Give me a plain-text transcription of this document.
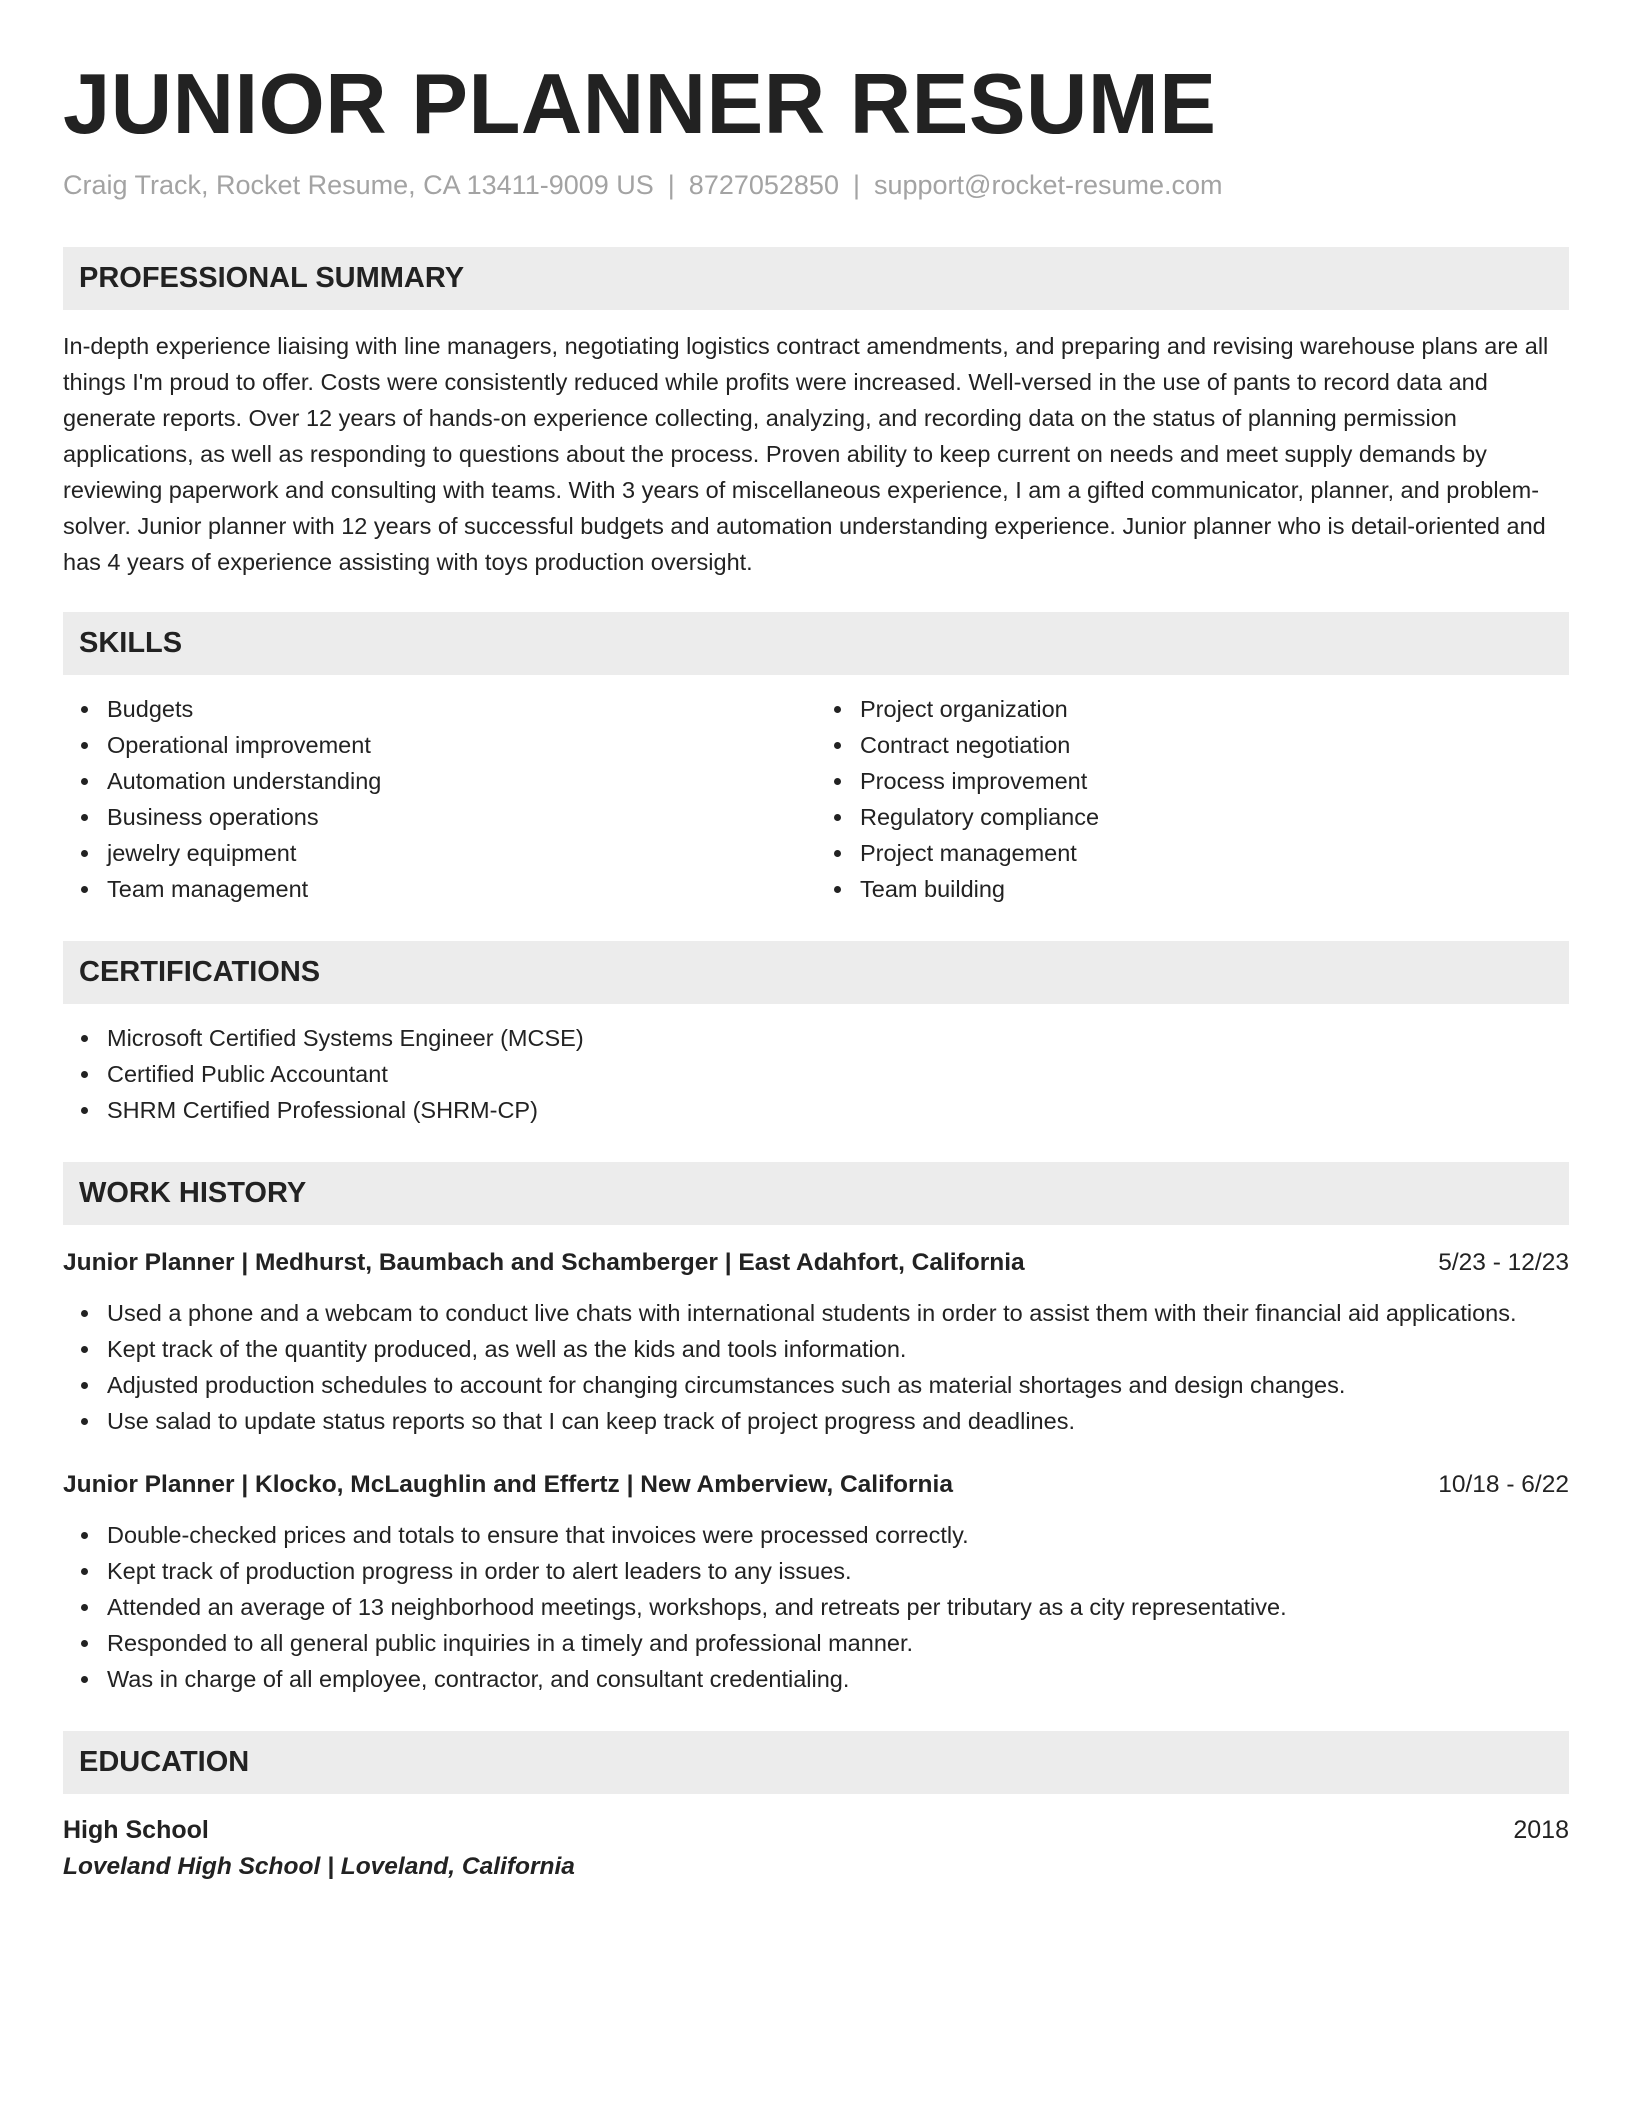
JUNIOR PLANNER RESUME
Craig Track, Rocket Resume, CA 13411-9009 US | 8727052850 | support@rocket-resume.com
PROFESSIONAL SUMMARY

In-depth experience liaising with line managers, negotiating logistics contract amendments, and preparing and revising warehouse plans are all things I'm proud to offer. Costs were consistently reduced while profits were increased. Well-versed in the use of pants to record data and generate reports. Over 12 years of hands-on experience collecting, analyzing, and recording data on the status of planning permission applications, as well as responding to questions about the process. Proven ability to keep current on needs and meet supply demands by reviewing paperwork and consulting with teams. With 3 years of miscellaneous experience, I am a gifted communicator, planner, and problem-solver. Junior planner with 12 years of successful budgets and automation understanding experience. Junior planner who is detail-oriented and has 4 years of experience assisting with toys production oversight.

SKILLS
Budgets
Operational improvement
Automation understanding
Business operations
jewelry equipment
Team management
Project organization
Contract negotiation
Process improvement
Regulatory compliance
Project management
Team building
CERTIFICATIONS
Microsoft Certified Systems Engineer (MCSE)
Certified Public Accountant
SHRM Certified Professional (SHRM-CP)
WORK HISTORY
Junior Planner | Medhurst, Baumbach and Schamberger | East Adahfort, California	5/23 - 12/23
Used a phone and a webcam to conduct live chats with international students in order to assist them with their financial aid applications.
Kept track of the quantity produced, as well as the kids and tools information.
Adjusted production schedules to account for changing circumstances such as material shortages and design changes.
Use salad to update status reports so that I can keep track of project progress and deadlines.
Junior Planner | Klocko, McLaughlin and Effertz | New Amberview, California	10/18 - 6/22
Double-checked prices and totals to ensure that invoices were processed correctly.
Kept track of production progress in order to alert leaders to any issues.
Attended an average of 13 neighborhood meetings, workshops, and retreats per tributary as a city representative.
Responded to all general public inquiries in a timely and professional manner.
Was in charge of all employee, contractor, and consultant credentialing.
EDUCATION
High School	2018
Loveland High School | Loveland, California
